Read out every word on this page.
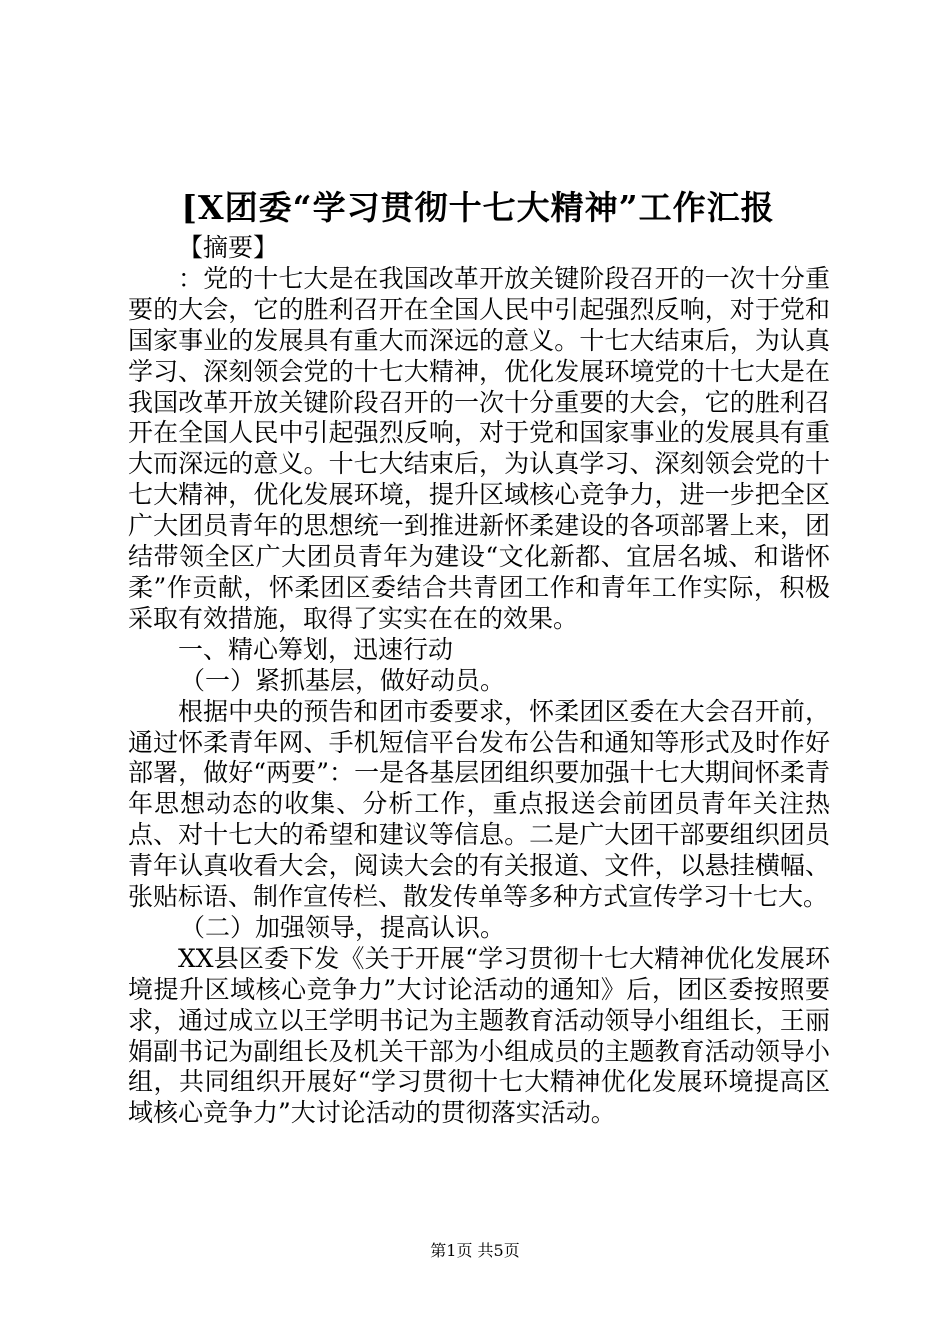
[X团委“学习贯彻十七大精神”工作汇报

【摘要】

：党的十七大是在我国改革开放关键阶段召开的一次十分重要的大会，它的胜利召开在全国人民中引起强烈反响，对于党和国家事业的发展具有重大而深远的意义。十七大结束后，为认真学习、深刻领会党的十七大精神，优化发展环境党的十七大是在我国改革开放关键阶段召开的一次十分重要的大会，它的胜利召开在全国人民中引起强烈反响，对于党和国家事业的发展具有重大而深远的意义。十七大结束后，为认真学习、深刻领会党的十七大精神，优化发展环境，提升区域核心竞争力，进一步把全区广大团员青年的思想统一到推进新怀柔建设的各项部署上来，团结带领全区广大团员青年为建设“文化新都、宜居名城、和谐怀柔”作贡献，怀柔团区委结合共青团工作和青年工作实际，积极采取有效措施，取得了实实在在的效果。

一、精心筹划，迅速行动

（一）紧抓基层，做好动员。

根据中央的预告和团市委要求，怀柔团区委在大会召开前，通过怀柔青年网、手机短信平台发布公告和通知等形式及时作好部署，做好“两要”：一是各基层团组织要加强十七大期间怀柔青年思想动态的收集、分析工作，重点报送会前团员青年关注热点、对十七大的希望和建议等信息。二是广大团干部要组织团员青年认真收看大会，阅读大会的有关报道、文件，以悬挂横幅、张贴标语、制作宣传栏、散发传单等多种方式宣传学习十七大。

（二）加强领导，提高认识。

XX县区委下发《关于开展“学习贯彻十七大精神优化发展环境提升区域核心竞争力”大讨论活动的通知》后，团区委按照要求，通过成立以王学明书记为主题教育活动领导小组组长，王丽娟副书记为副组长及机关干部为小组成员的主题教育活动领导小组，共同组织开展好“学习贯彻十七大精神优化发展环境提高区域核心竞争力”大讨论活动的贯彻落实活动。

第1页 共5页
